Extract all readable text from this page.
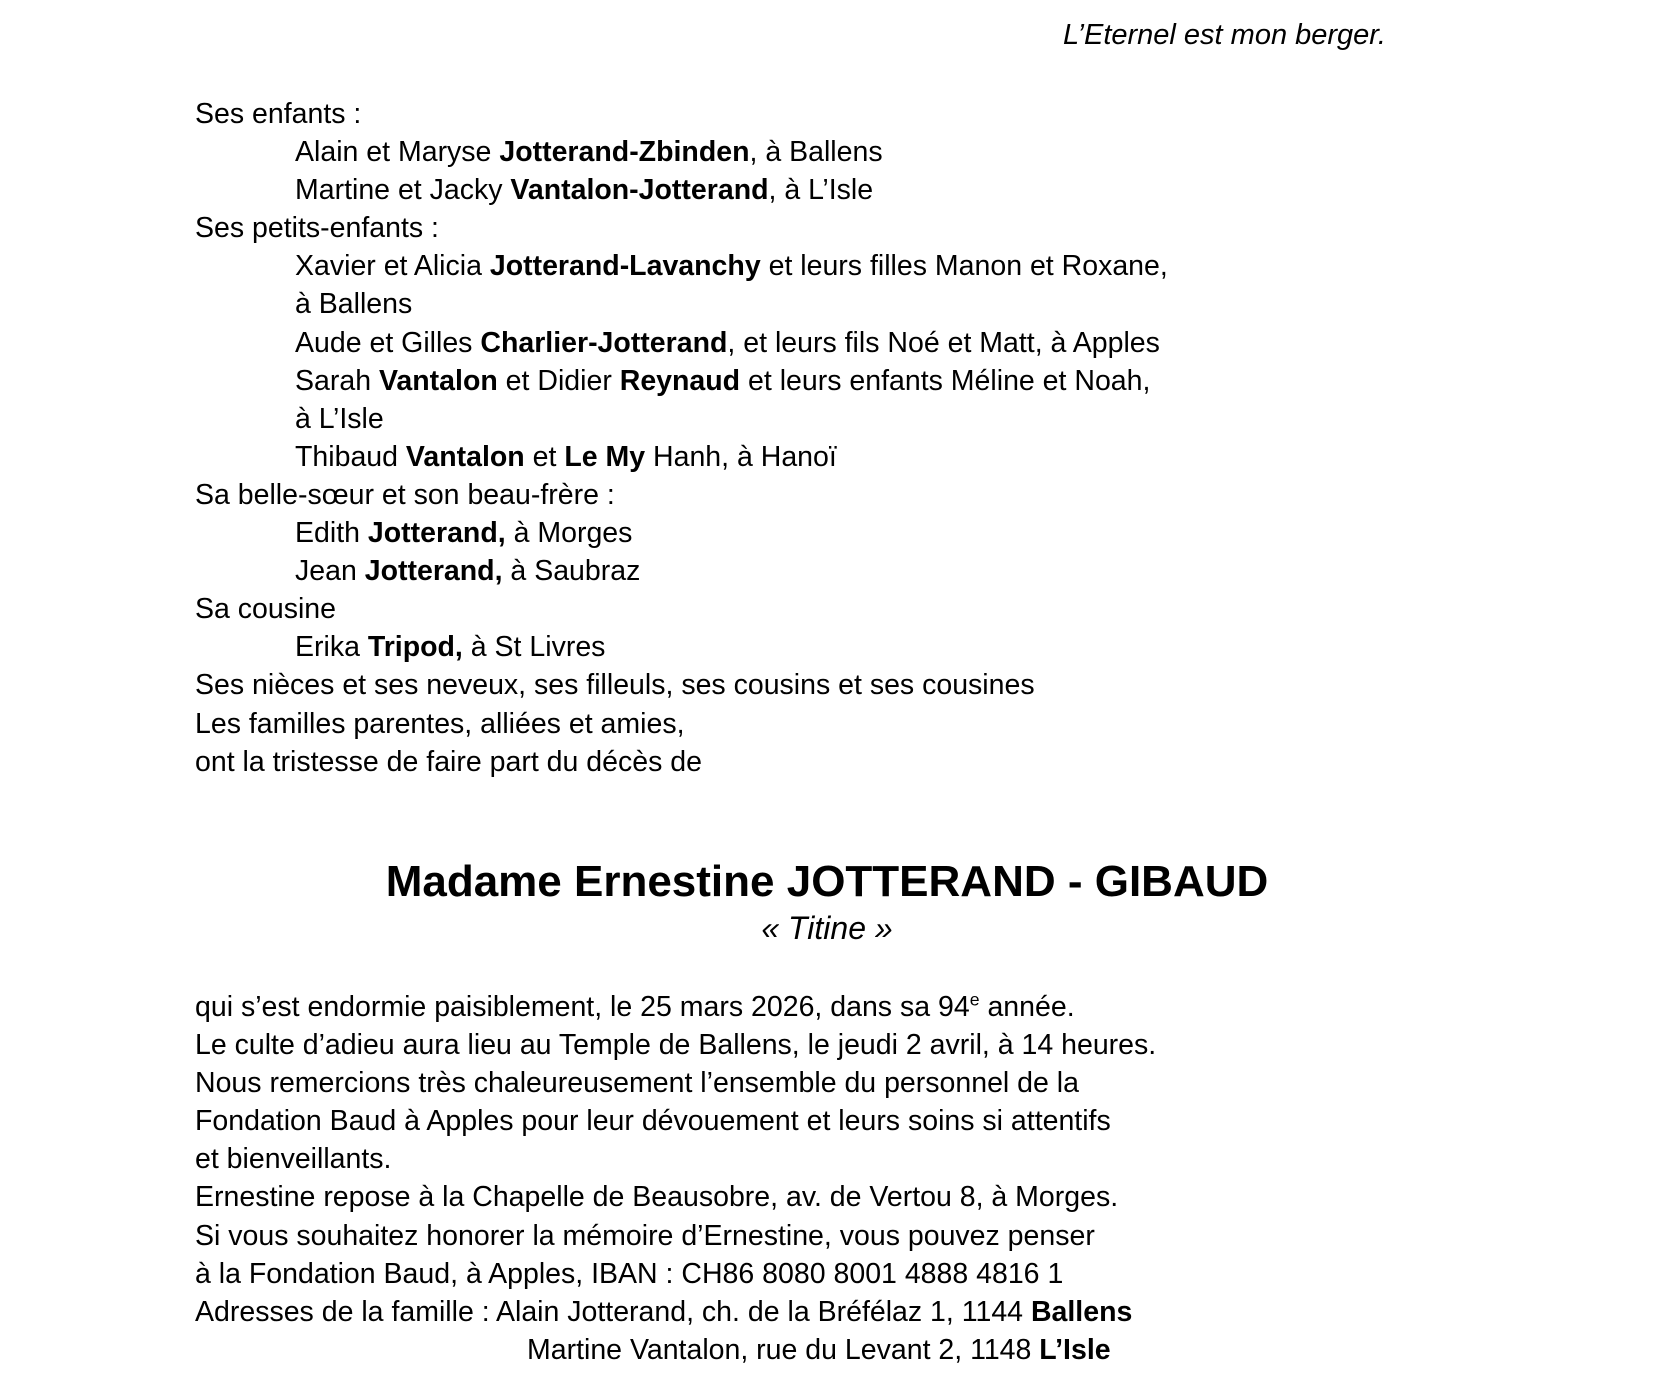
L’Eternel est mon berger.
Ses enfants :
Alain et Maryse Jotterand-Zbinden, à Ballens
Martine et Jacky Vantalon-Jotterand, à L’Isle
Ses petits-enfants :
Xavier et Alicia Jotterand-Lavanchy et leurs filles Manon et Roxane,
à Ballens
Aude et Gilles Charlier-Jotterand, et leurs fils Noé et Matt, à Apples
Sarah Vantalon et Didier Reynaud et leurs enfants Méline et Noah,
à L’Isle
Thibaud Vantalon et Le My Hanh, à Hanoï
Sa belle-sœur et son beau-frère :
Edith Jotterand, à Morges
Jean Jotterand, à Saubraz
Sa cousine
Erika Tripod, à St Livres
Ses nièces et ses neveux, ses filleuls, ses cousins et ses cousines
Les familles parentes, alliées et amies,
ont la tristesse de faire part du décès de
Madame Ernestine JOTTERAND - GIBAUD
« Titine »
qui s’est endormie paisiblement, le 25 mars 2026, dans sa 94e année.
Le culte d’adieu aura lieu au Temple de Ballens, le jeudi 2 avril, à 14 heures.
Nous remercions très chaleureusement l’ensemble du personnel de la
Fondation Baud à Apples pour leur dévouement et leurs soins si attentifs
et bienveillants.
Ernestine repose à la Chapelle de Beausobre, av. de Vertou 8, à Morges.
Si vous souhaitez honorer la mémoire d’Ernestine, vous pouvez penser
à la Fondation Baud, à Apples, IBAN : CH86 8080 8001 4888 4816 1
Adresses de la famille : Alain Jotterand, ch. de la Bréfélaz 1, 1144 Ballens
Martine Vantalon, rue du Levant 2, 1148 L’Isle
